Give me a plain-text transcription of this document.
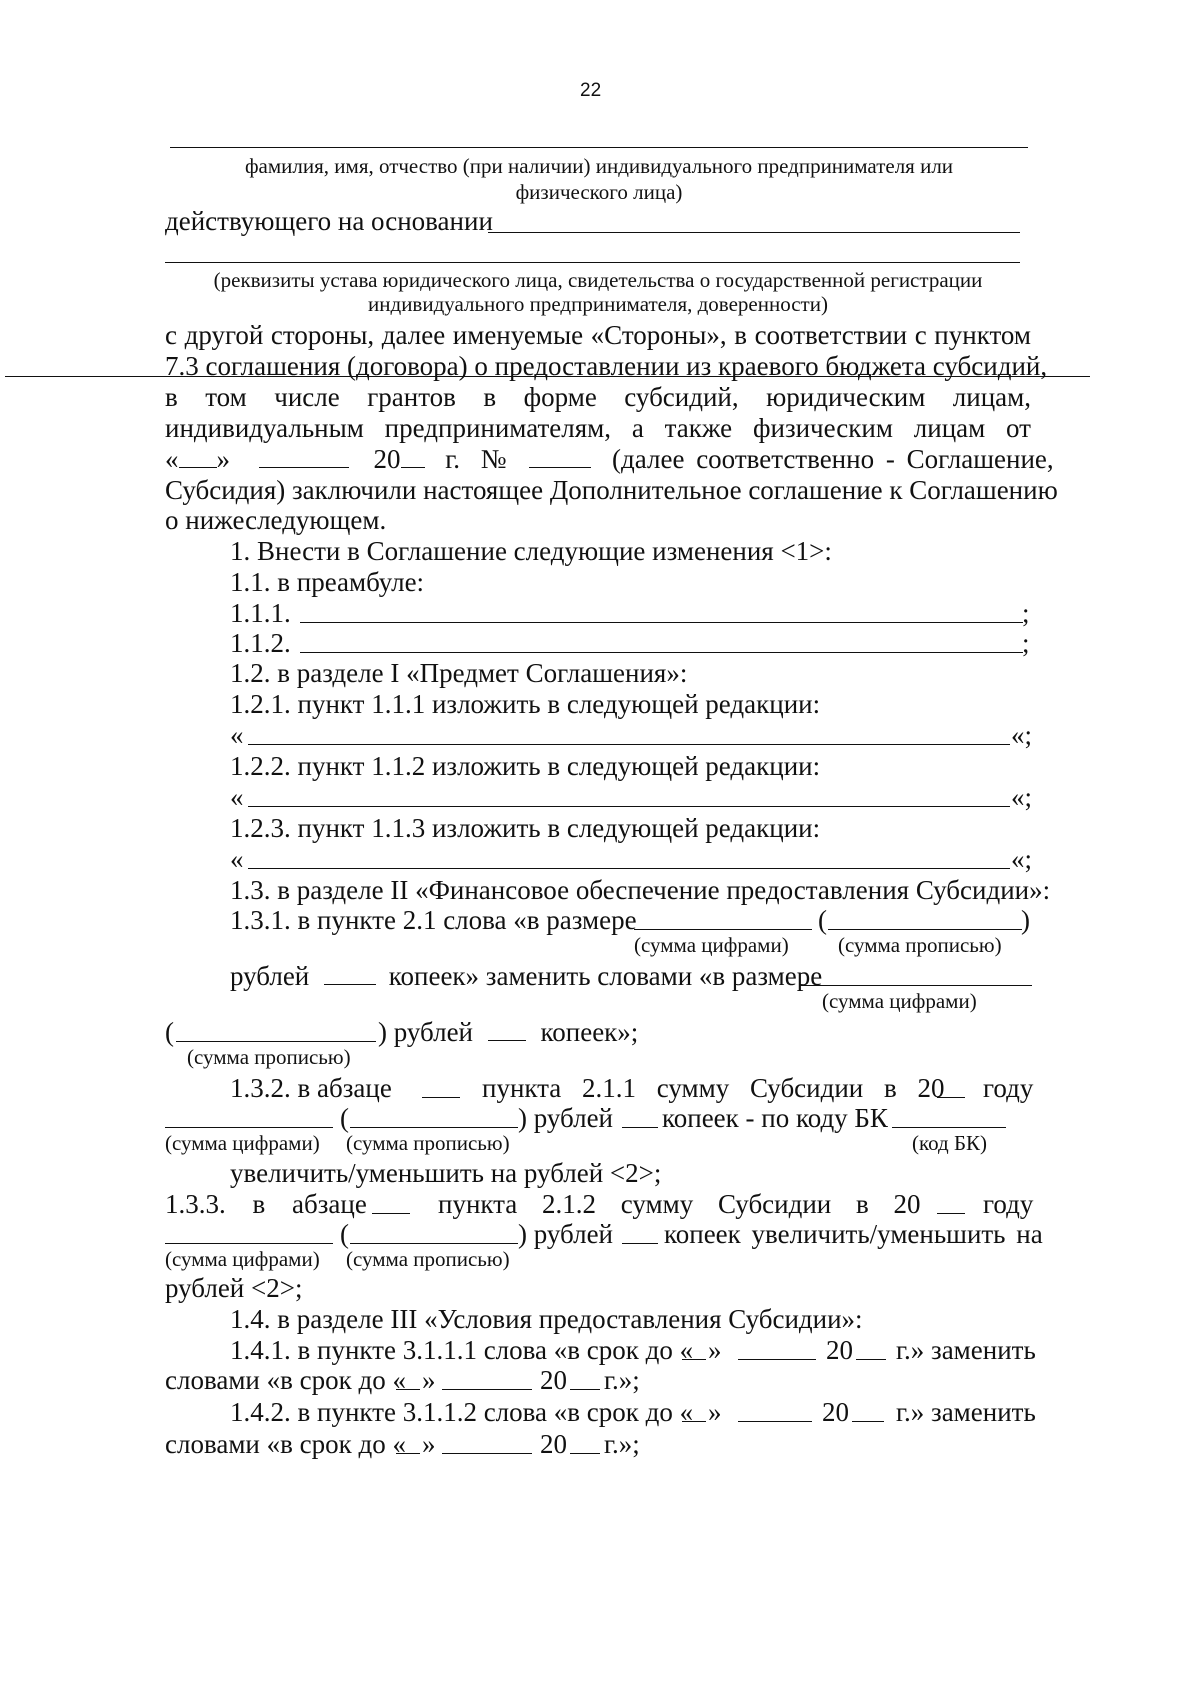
22
фамилия, имя, отчество (при наличии) индивидуального предпринимателя или
физического лица)
действующего на основании
(реквизиты устава юридического лица, свидетельства о государственной регистрации
индивидуального предпринимателя, доверенности)
с другой стороны, далее именуемые «Стороны», в соответствии с пунктом
7.3 соглашения (договора) о предоставлении из краевого бюджета субсидий,
в том числе грантов в форме субсидий, юридическим лицам,
индивидуальным предпринимателям, а также физическим лицам от
« »	20 г. №	(далее соответственно - Соглашение,
Субсидия) заключили настоящее Дополнительное соглашение к Соглашению
о нижеследующем.
1. Внести в Соглашение следующие изменения <1>:
1.1. в преамбуле:
1.1.1.	;
1.1.2.	;
1.2. в разделе I «Предмет Соглашения»:
1.2.1. пункт 1.1.1 изложить в следующей редакции:
«	«;
1.2.2. пункт 1.1.2 изложить в следующей редакции:
«	«;
1.2.3. пункт 1.1.3 изложить в следующей редакции:
«	«;
1.3. в разделе II «Финансовое обеспечение предоставления Субсидии»:
1.3.1. в пункте 2.1 слова «в размере	(	)
(сумма цифрами) (сумма прописью)
рублей	копеек» заменить словами «в размере
(сумма цифрами)
(	) рублей	копеек»;
(сумма прописью)
1.3.2. в абзаце	пункта 2.1.1 сумму Субсидии в 20 году
(	) рублей копеек - по коду БК
(сумма цифрами) (сумма прописью)	(код БК)
увеличить/уменьшить на рублей <2>;
1.3.3. в абзаце	пункта 2.1.2 сумму Субсидии в 20 году
(	) рублей копеек увеличить/уменьшить на
(сумма цифрами) (сумма прописью)
рублей <2>;
1.4. в разделе III «Условия предоставления Субсидии»:
1.4.1. в пункте 3.1.1.1 слова «в срок до « »	20 г.» заменить
словами «в срок до « »	20 г.»;
1.4.2. в пункте 3.1.1.2 слова «в срок до « »	20 г.» заменить
словами «в срок до « »	20 г.»;
